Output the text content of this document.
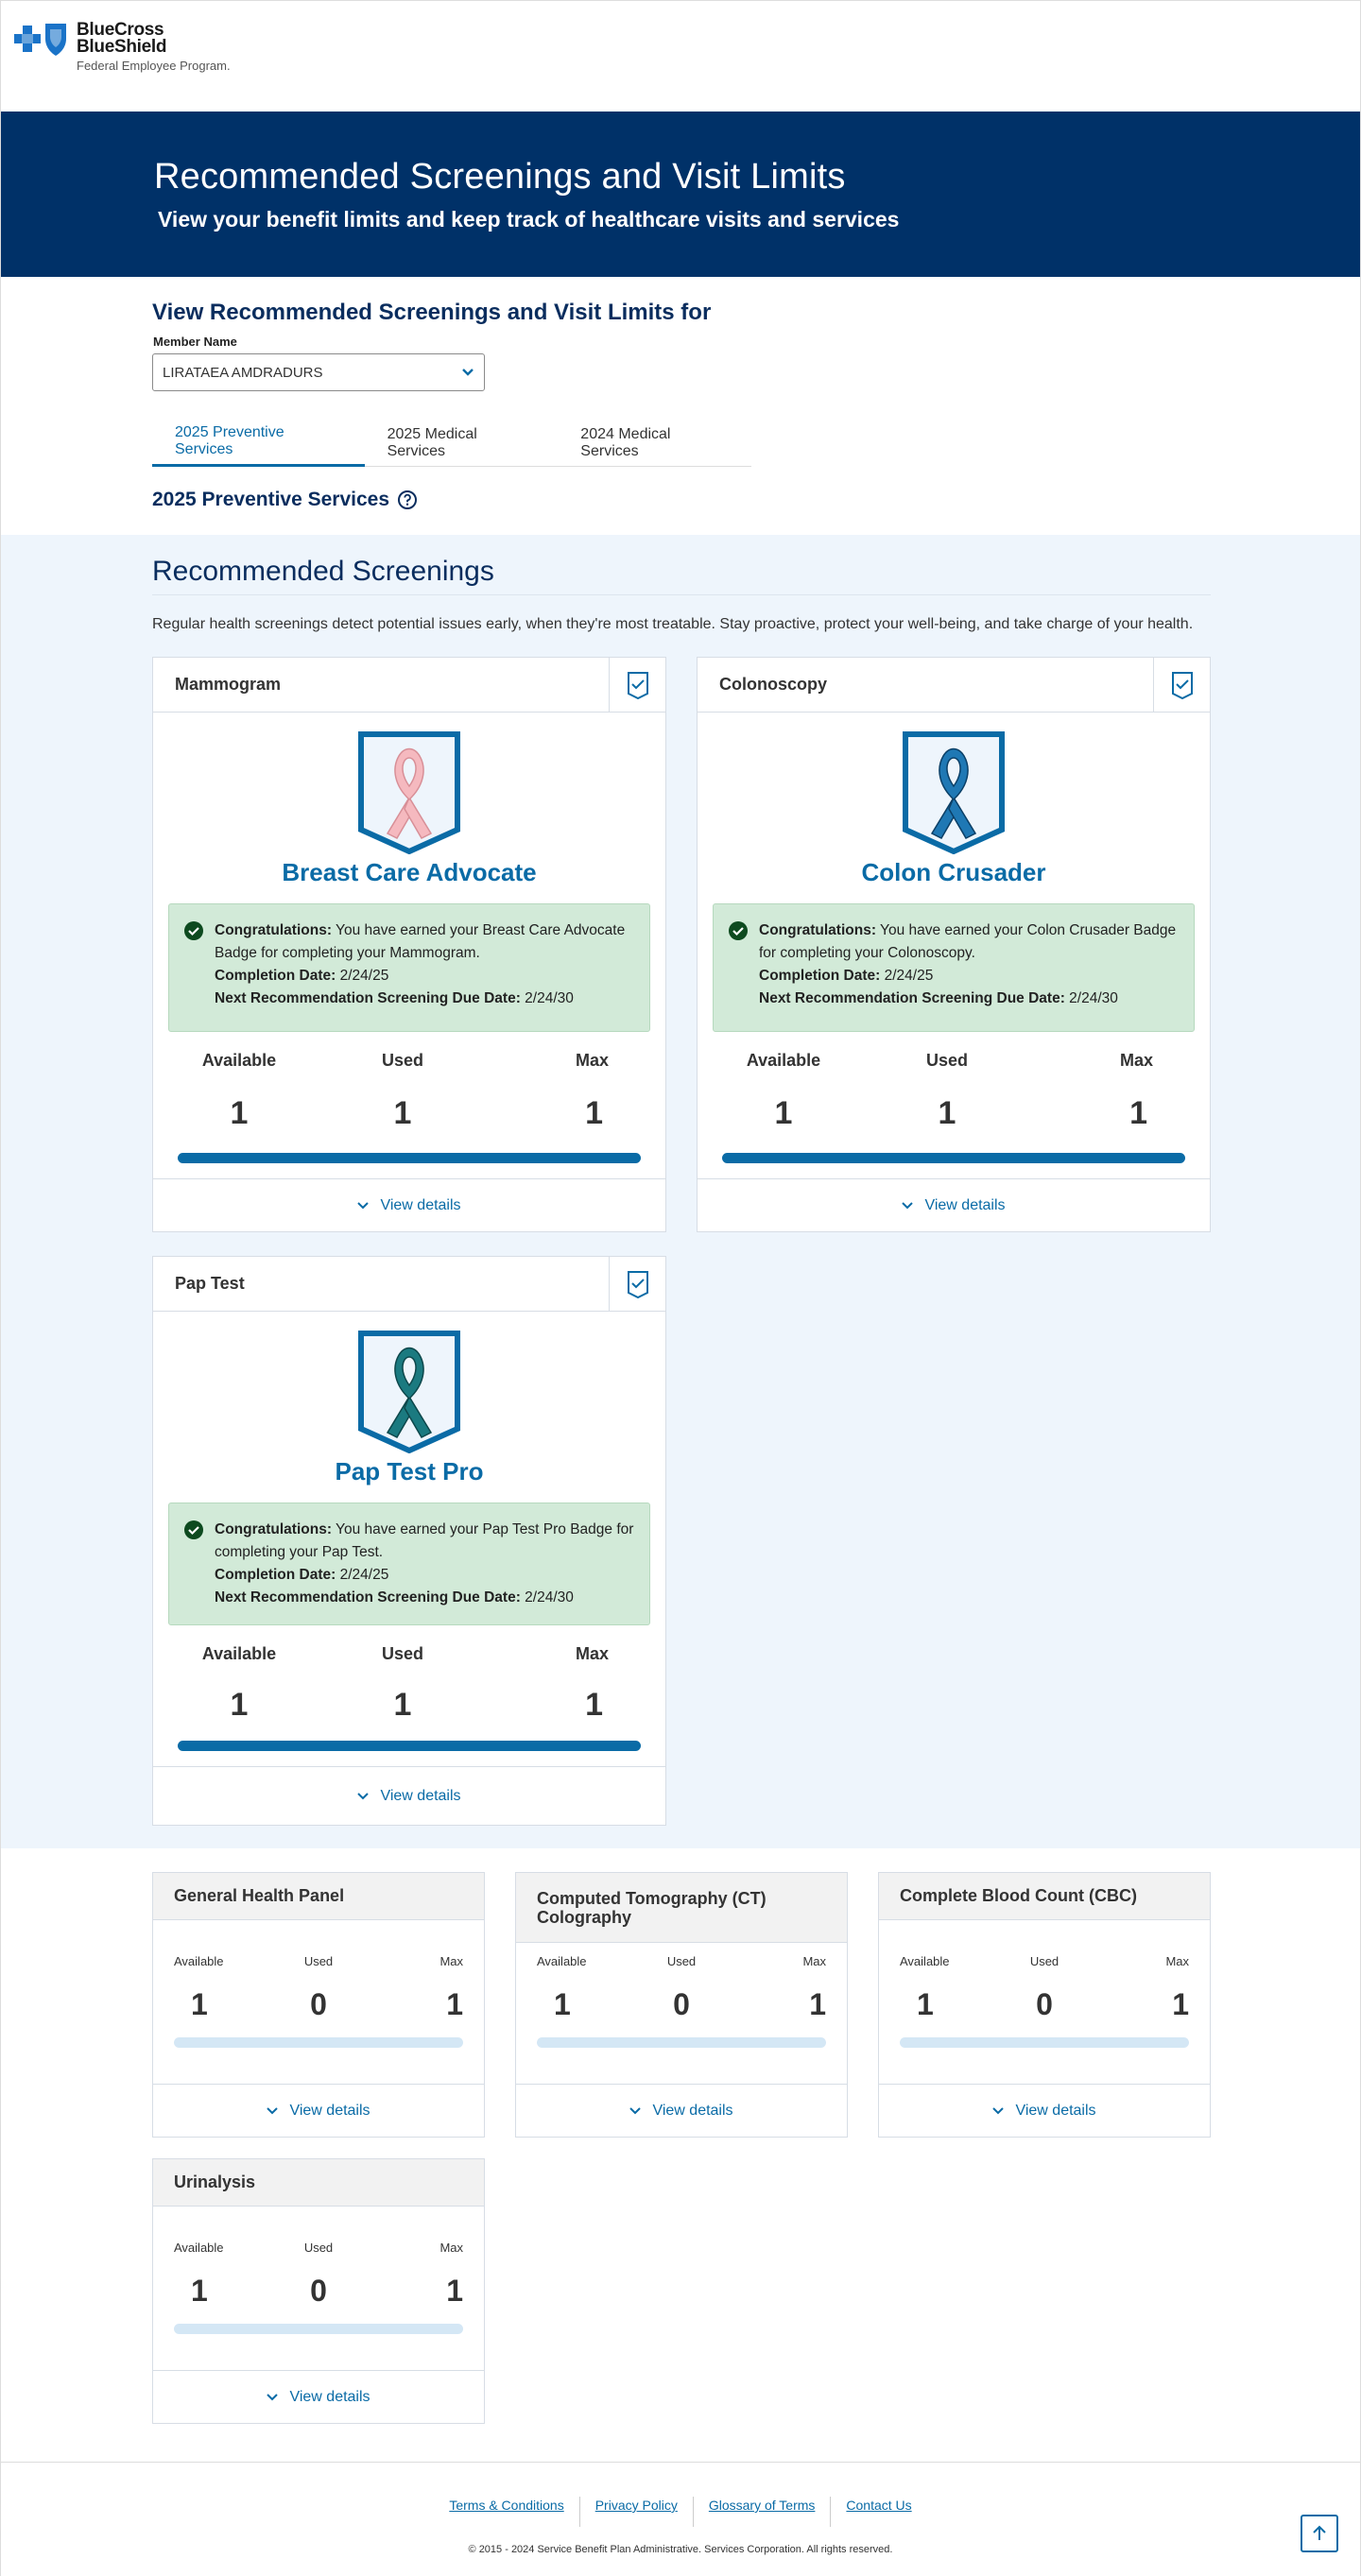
BlueCross
BlueShield
Federal Employee Program.
Recommended Screenings and Visit Limits
View your benefit limits and keep track of healthcare visits and services
View Recommended Screenings and Visit Limits for
Member Name
LIRATAEA AMDRADURS
2025 Preventive Services
2025 Medical Services
2024 Medical Services
2025 Preventive Services
Recommended Screenings
Regular health screenings detect potential issues early, when they're most treatable. Stay proactive, protect your well-being, and take charge of your health.
Mammogram
Breast Care Advocate
Congratulations: You have earned your Breast Care Advocate Badge for completing your Mammogram.
Completion Date: 2/24/25
Next Recommendation Screening Due Date: 2/24/30
Available	Used	Max
1	1	1
View details
Colonoscopy
Colon Crusader
Congratulations: You have earned your Colon Crusader Badge for completing your Colonoscopy.
Completion Date: 2/24/25
Next Recommendation Screening Due Date: 2/24/30
Available	Used	Max
1	1	1
View details
Pap Test
Pap Test Pro
Congratulations: You have earned your Pap Test Pro Badge for completing your Pap Test.
Completion Date: 2/24/25
Next Recommendation Screening Due Date: 2/24/30
Available	Used	Max
1	1	1
View details
General Health Panel
Available	Used	Max
1	0	1
View details
Computed Tomography (CT) Colography
Available	Used	Max
1	0	1
View details
Complete Blood Count (CBC)
Available	Used	Max
1	0	1
View details
Urinalysis
Available	Used	Max
1	0	1
View details
Terms & Conditions	Privacy Policy	Glossary of Terms	Contact Us
© 2015 - 2024 Service Benefit Plan Administrative. Services Corporation. All rights reserved.
